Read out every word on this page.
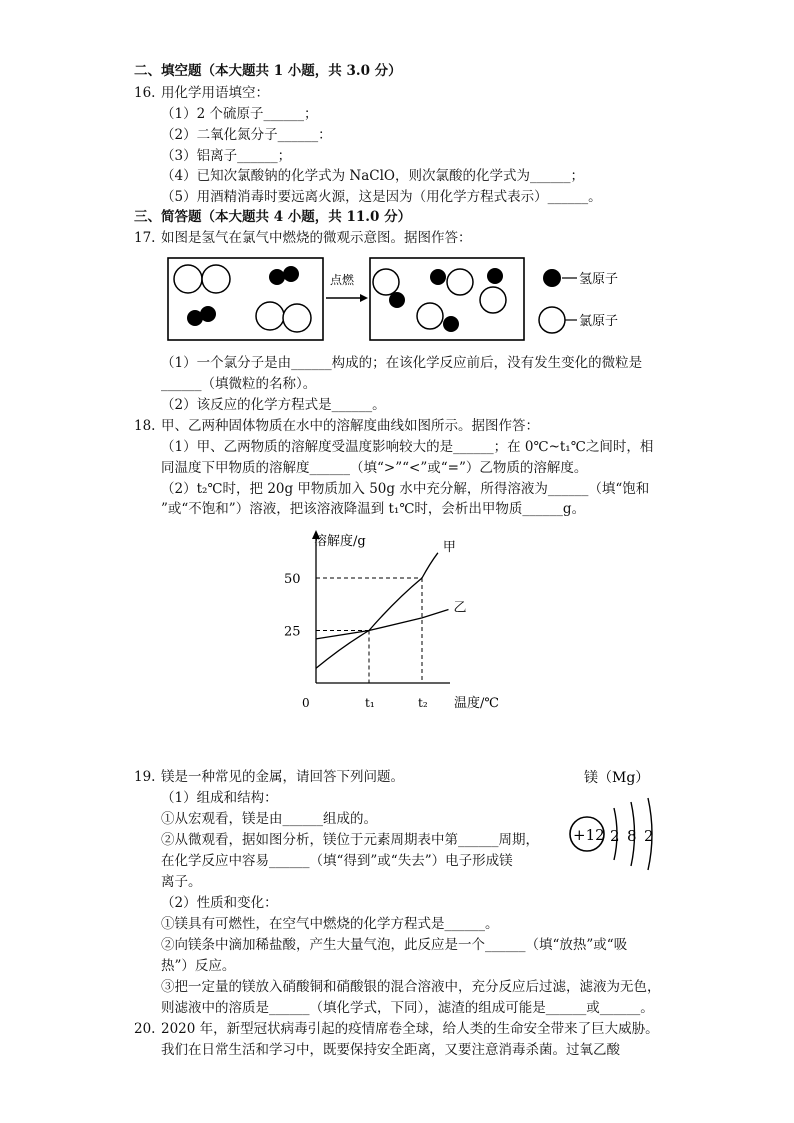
二、填空题（本大题共 1 小题，共 3.0 分）
16. 用化学用语填空：
（1）2 个硫原子______；
（2）二氧化氮分子______：
（3）铝离子______；
（4）已知次氯酸钠的化学式为 NaClO，则次氯酸的化学式为______；
（5）用酒精消毒时要远离火源，这是因为（用化学方程式表示）______。
三、简答题（本大题共 4 小题，共 11.0 分）
17. 如图是氢气在氯气中燃烧的微观示意图。据图作答：
点燃	氢原子
氯原子
（1）一个氯分子是由______构成的；在该化学反应前后，没有发生变化的微粒是
______（填微粒的名称）。
（2）该反应的化学方程式是______。
18. 甲、乙两种固体物质在水中的溶解度曲线如图所示。据图作答：
（1）甲、乙两物质的溶解度受温度影响较大的是______；在 0℃~t₁℃之间时，相
同温度下甲物质的溶解度______（填“>”“<”或“=”）乙物质的溶解度。
（2）t₂℃时，把 20g 甲物质加入 50g 水中充分解，所得溶液为______（填“饱和
”或“不饱和”）溶液，把该溶液降温到 t₁℃时，会析出甲物质______g。
溶解度/g
温度/℃
25
50
0	t₁	t₂
甲
乙
19. 镁是一种常见的金属，请回答下列问题。
（1）组成和结构：
①从宏观看，镁是由______组成的。
②从微观看，据如图分析，镁位于元素周期表中第______周期，
在化学反应中容易______（填“得到”或“失去”）电子形成镁
离子。
（2）性质和变化：
①镁具有可燃性，在空气中燃烧的化学方程式是______。
②向镁条中滴加稀盐酸，产生大量气泡，此反应是一个______（填“放热”或“吸
热”）反应。
③把一定量的镁放入硝酸铜和硝酸银的混合溶液中，充分反应后过滤，滤液为无色，
则滤液中的溶质是______（填化学式，下同），滤渣的组成可能是______或______。
镁（Mg）
+12 2 8 2
20. 2020 年，新型冠状病毒引起的疫情席卷全球，给人类的生命安全带来了巨大威胁。
我们在日常生活和学习中，既要保持安全距离，又要注意消毒杀菌。过氧乙酸
